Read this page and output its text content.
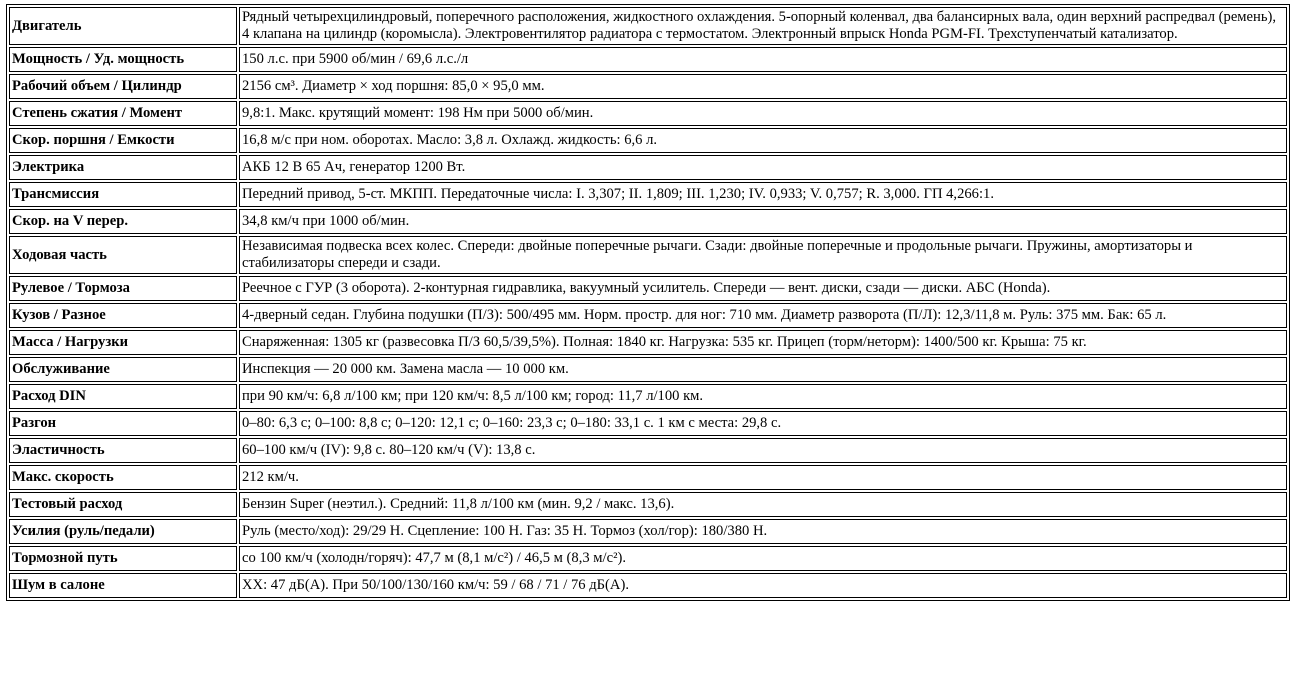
Двигатель	Рядный четырехцилиндровый, поперечного расположения, жидкостного охлаждения. 5-опорный коленвал, два балансирных вала, один верхний распредвал (ремень), 4 клапана на цилиндр (коромысла). Электровентилятор радиатора с термостатом. Электронный впрыск Honda PGM-FI. Трехступенчатый катализатор.
Мощность / Уд. мощность	150 л.с. при 5900 об/мин / 69,6 л.с./л
Рабочий объем / Цилиндр	2156 см³. Диаметр × ход поршня: 85,0 × 95,0 мм.
Степень сжатия / Момент	9,8:1. Макс. крутящий момент: 198 Нм при 5000 об/мин.
Скор. поршня / Емкости	16,8 м/с при ном. оборотах. Масло: 3,8 л. Охлажд. жидкость: 6,6 л.
Электрика	АКБ 12 В 65 Ач, генератор 1200 Вт.
Трансмиссия	Передний привод, 5-ст. МКПП. Передаточные числа: I. 3,307; II. 1,809; III. 1,230; IV. 0,933; V. 0,757; R. 3,000. ГП 4,266:1.
Скор. на V перер.	34,8 км/ч при 1000 об/мин.
Ходовая часть	Независимая подвеска всех колес. Спереди: двойные поперечные рычаги. Сзади: двойные поперечные и продольные рычаги. Пружины, амортизаторы и стабилизаторы спереди и сзади.
Рулевое / Тормоза	Реечное с ГУР (3 оборота). 2-контурная гидравлика, вакуумный усилитель. Спереди — вент. диски, сзади — диски. АБС (Honda).
Кузов / Разное	4-дверный седан. Глубина подушки (П/З): 500/495 мм. Норм. простр. для ног: 710 мм. Диаметр разворота (П/Л): 12,3/11,8 м. Руль: 375 мм. Бак: 65 л.
Масса / Нагрузки	Снаряженная: 1305 кг (развесовка П/З 60,5/39,5%). Полная: 1840 кг. Нагрузка: 535 кг. Прицеп (торм/неторм): 1400/500 кг. Крыша: 75 кг.
Обслуживание	Инспекция — 20 000 км. Замена масла — 10 000 км.
Расход DIN	при 90 км/ч: 6,8 л/100 км; при 120 км/ч: 8,5 л/100 км; город: 11,7 л/100 км.
Разгон	0–80: 6,3 с; 0–100: 8,8 с; 0–120: 12,1 с; 0–160: 23,3 с; 0–180: 33,1 с. 1 км с места: 29,8 с.
Эластичность	60–100 км/ч (IV): 9,8 с. 80–120 км/ч (V): 13,8 с.
Макс. скорость	212 км/ч.
Тестовый расход	Бензин Super (неэтил.). Средний: 11,8 л/100 км (мин. 9,2 / макс. 13,6).
Усилия (руль/педали)	Руль (место/ход): 29/29 Н. Сцепление: 100 Н. Газ: 35 Н. Тормоз (хол/гор): 180/380 Н.
Тормозной путь	со 100 км/ч (холодн/горяч): 47,7 м (8,1 м/с²) / 46,5 м (8,3 м/с²).
Шум в салоне	ХХ: 47 дБ(А). При 50/100/130/160 км/ч: 59 / 68 / 71 / 76 дБ(А).
